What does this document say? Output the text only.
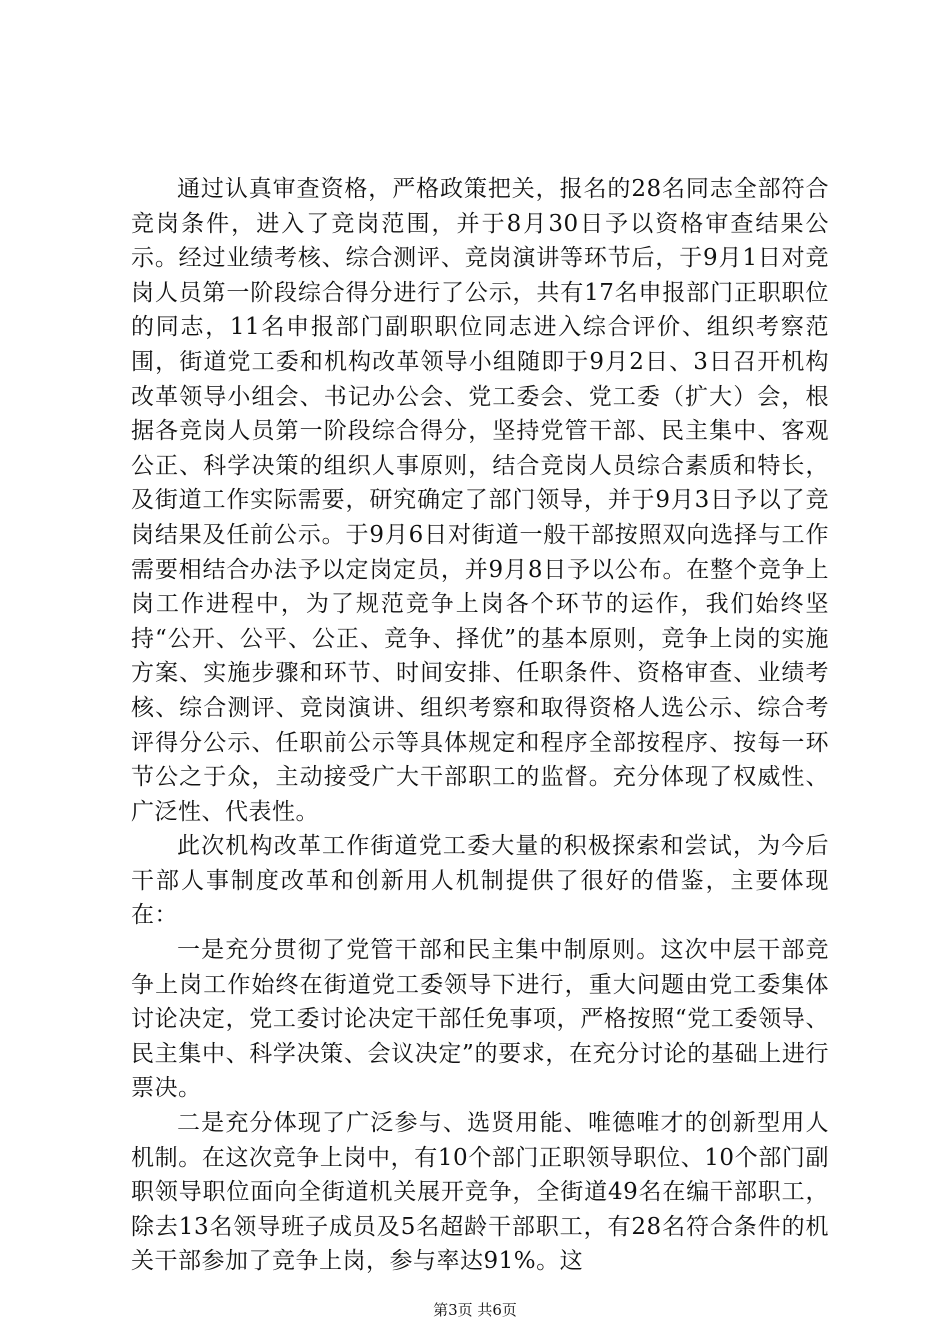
通过认真审查资格，严格政策把关，报名的28名同志全部符合竞岗条件，进入了竞岗范围，并于8月30日予以资格审查结果公示。经过业绩考核、综合测评、竞岗演讲等环节后，于9月1日对竞岗人员第一阶段综合得分进行了公示，共有17名申报部门正职职位的同志，11名申报部门副职职位同志进入综合评价、组织考察范围，街道党工委和机构改革领导小组随即于9月2日、3日召开机构改革领导小组会、书记办公会、党工委会、党工委（扩大）会，根据各竞岗人员第一阶段综合得分，坚持党管干部、民主集中、客观公正、科学决策的组织人事原则，结合竞岗人员综合素质和特长，及街道工作实际需要，研究确定了部门领导，并于9月3日予以了竞岗结果及任前公示。于9月6日对街道一般干部按照双向选择与工作需要相结合办法予以定岗定员，并9月8日予以公布。在整个竞争上岗工作进程中，为了规范竞争上岗各个环节的运作，我们始终坚持“公开、公平、公正、竞争、择优”的基本原则，竞争上岗的实施方案、实施步骤和环节、时间安排、任职条件、资格审查、业绩考核、综合测评、竞岗演讲、组织考察和取得资格人选公示、综合考评得分公示、任职前公示等具体规定和程序全部按程序、按每一环节公之于众，主动接受广大干部职工的监督。充分体现了权威性、广泛性、代表性。

此次机构改革工作街道党工委大量的积极探索和尝试，为今后干部人事制度改革和创新用人机制提供了很好的借鉴，主要体现在：

一是充分贯彻了党管干部和民主集中制原则。这次中层干部竞争上岗工作始终在街道党工委领导下进行，重大问题由党工委集体讨论决定，党工委讨论决定干部任免事项，严格按照“党工委领导、民主集中、科学决策、会议决定”的要求，在充分讨论的基础上进行票决。

二是充分体现了广泛参与、选贤用能、唯德唯才的创新型用人机制。在这次竞争上岗中，有10个部门正职领导职位、10个部门副职领导职位面向全街道机关展开竞争，全街道49名在编干部职工，除去13名领导班子成员及5名超龄干部职工，有28名符合条件的机关干部参加了竞争上岗，参与率达91%。这

第3页 共6页
